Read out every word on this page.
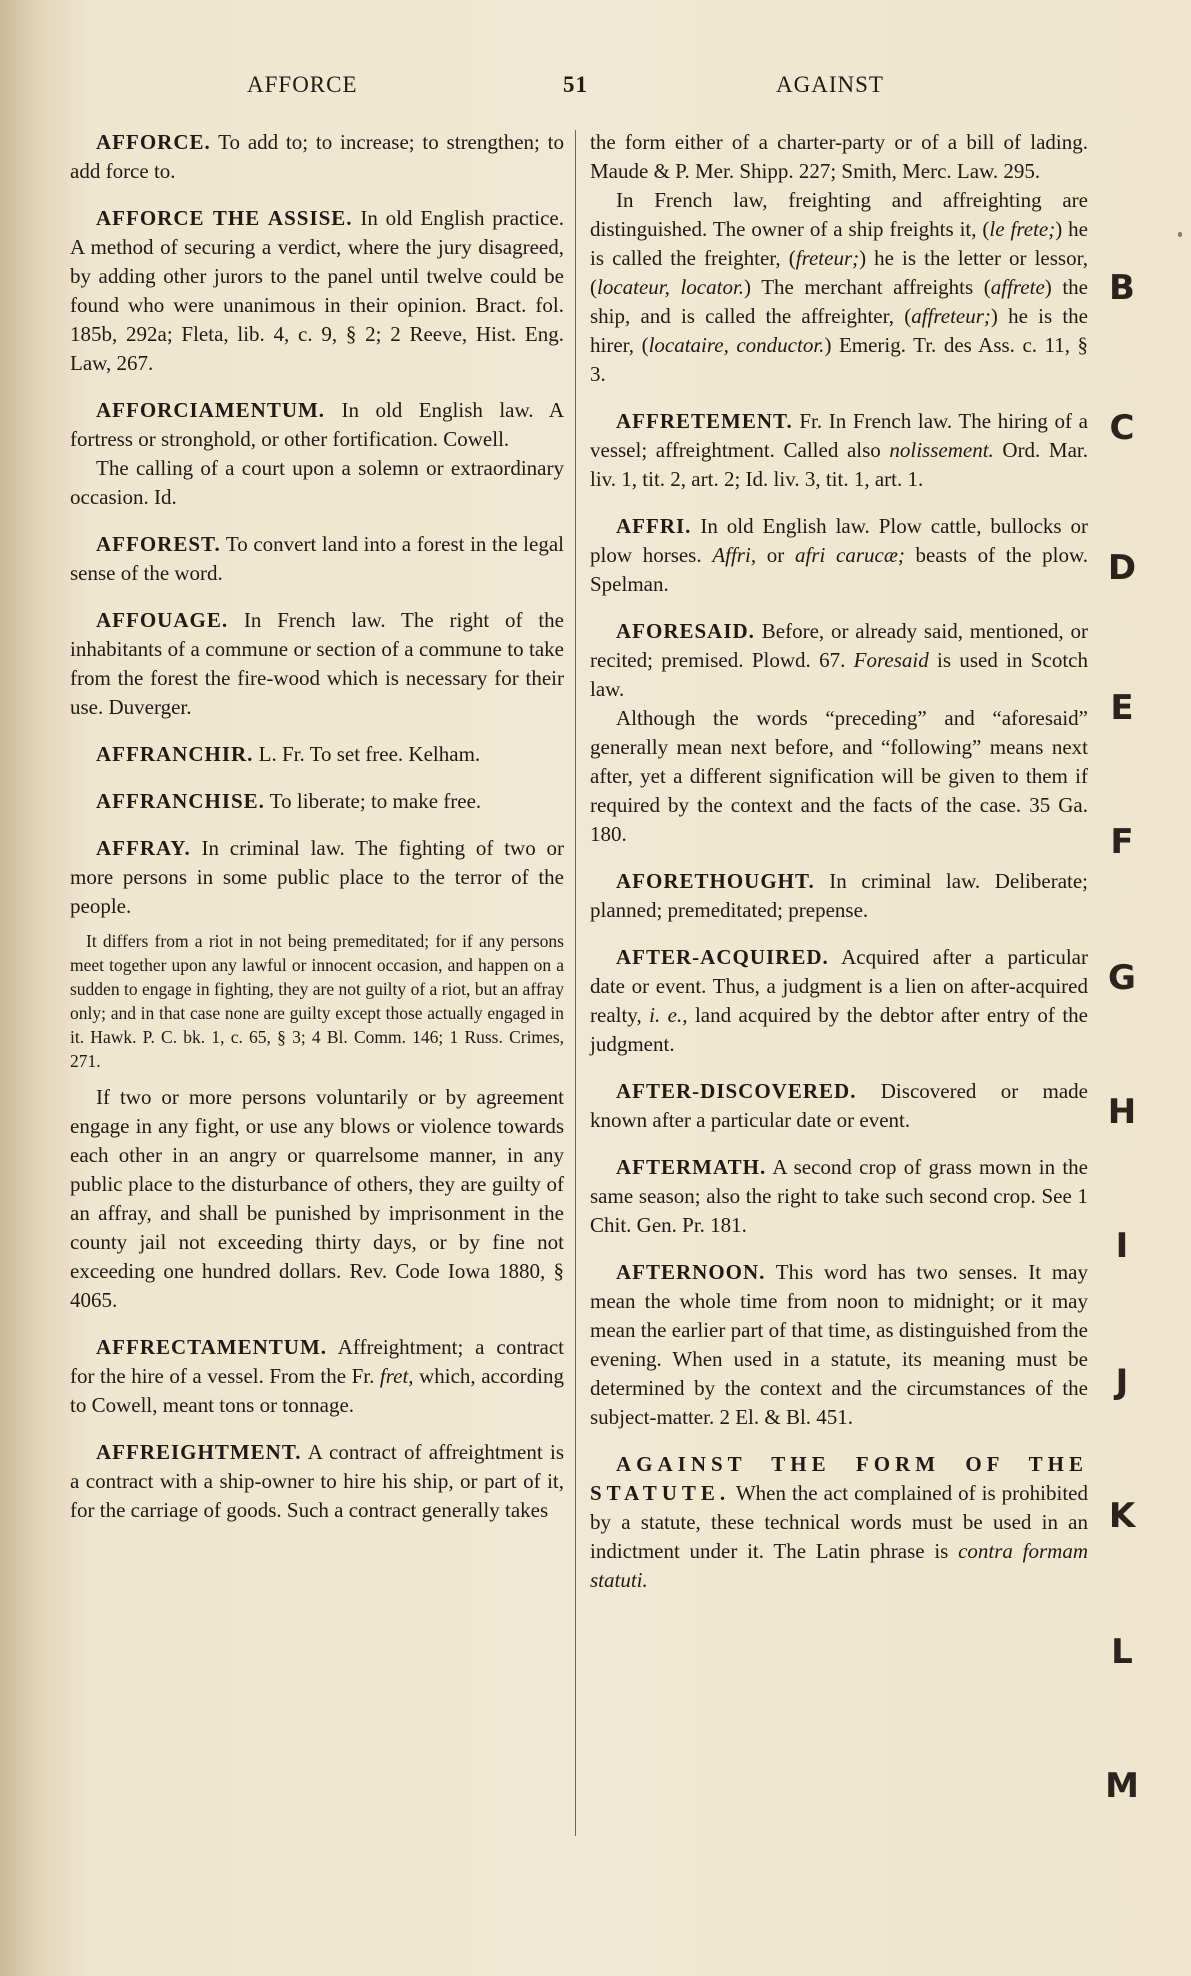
AFFORCE	51	AGAINST

AFFORCE. To add to; to increase; to strengthen; to add force to.

AFFORCE THE ASSISE. In old English practice. A method of securing a verdict, where the jury disagreed, by adding other jurors to the panel until twelve could be found who were unanimous in their opinion. Bract. fol. 185b, 292a; Fleta, lib. 4, c. 9, § 2; 2 Reeve, Hist. Eng. Law, 267.

AFFORCIAMENTUM. In old English law. A fortress or stronghold, or other fortification. Cowell.

The calling of a court upon a solemn or extraordinary occasion. Id.

AFFOREST. To convert land into a forest in the legal sense of the word.

AFFOUAGE. In French law. The right of the inhabitants of a commune or section of a commune to take from the forest the fire-wood which is necessary for their use. Duverger.

AFFRANCHIR. L. Fr. To set free. Kelham.

AFFRANCHISE. To liberate; to make free.

AFFRAY. In criminal law. The fighting of two or more persons in some public place to the terror of the people.

It differs from a riot in not being premeditated; for if any persons meet together upon any lawful or innocent occasion, and happen on a sudden to engage in fighting, they are not guilty of a riot, but an affray only; and in that case none are guilty except those actually engaged in it. Hawk. P. C. bk. 1, c. 65, § 3; 4 Bl. Comm. 146; 1 Russ. Crimes, 271.

If two or more persons voluntarily or by agreement engage in any fight, or use any blows or violence towards each other in an angry or quarrelsome manner, in any public place to the disturbance of others, they are guilty of an affray, and shall be punished by imprisonment in the county jail not exceeding thirty days, or by fine not exceeding one hundred dollars. Rev. Code Iowa 1880, § 4065.

AFFRECTAMENTUM. Affreightment; a contract for the hire of a vessel. From the Fr. fret, which, according to Cowell, meant tons or tonnage.

AFFREIGHTMENT. A contract of affreightment is a contract with a ship-owner to hire his ship, or part of it, for the carriage of goods. Such a contract generally takes

the form either of a charter-party or of a bill of lading. Maude & P. Mer. Shipp. 227; Smith, Merc. Law. 295.

In French law, freighting and affreighting are distinguished. The owner of a ship freights it, (le frete;) he is called the freighter, (freteur;) he is the letter or lessor, (locateur, locator.) The merchant affreights (affrete) the ship, and is called the affreighter, (affreteur;) he is the hirer, (locataire, conductor.) Emerig. Tr. des Ass. c. 11, § 3.

AFFRETEMENT. Fr. In French law. The hiring of a vessel; affreightment. Called also nolissement. Ord. Mar. liv. 1, tit. 2, art. 2; Id. liv. 3, tit. 1, art. 1.

AFFRI. In old English law. Plow cattle, bullocks or plow horses. Affri, or afri carucæ; beasts of the plow. Spelman.

AFORESAID. Before, or already said, mentioned, or recited; premised. Plowd. 67. Foresaid is used in Scotch law.

Although the words “preceding” and “aforesaid” generally mean next before, and “following” means next after, yet a different signification will be given to them if required by the context and the facts of the case. 35 Ga. 180.

AFORETHOUGHT. In criminal law. Deliberate; planned; premeditated; prepense.

AFTER-ACQUIRED. Acquired after a particular date or event. Thus, a judgment is a lien on after-acquired realty, i. e., land acquired by the debtor after entry of the judgment.

AFTER-DISCOVERED. Discovered or made known after a particular date or event.

AFTERMATH. A second crop of grass mown in the same season; also the right to take such second crop. See 1 Chit. Gen. Pr. 181.

AFTERNOON. This word has two senses. It may mean the whole time from noon to midnight; or it may mean the earlier part of that time, as distinguished from the evening. When used in a statute, its meaning must be determined by the context and the circumstances of the subject-matter. 2 El. & Bl. 451.

AGAINST THE FORM OF THE STATUTE. When the act complained of is prohibited by a statute, these technical words must be used in an indictment under it. The Latin phrase is contra formam statuti.

B
C
D
E
F
G
H
I
J
K
L
M
